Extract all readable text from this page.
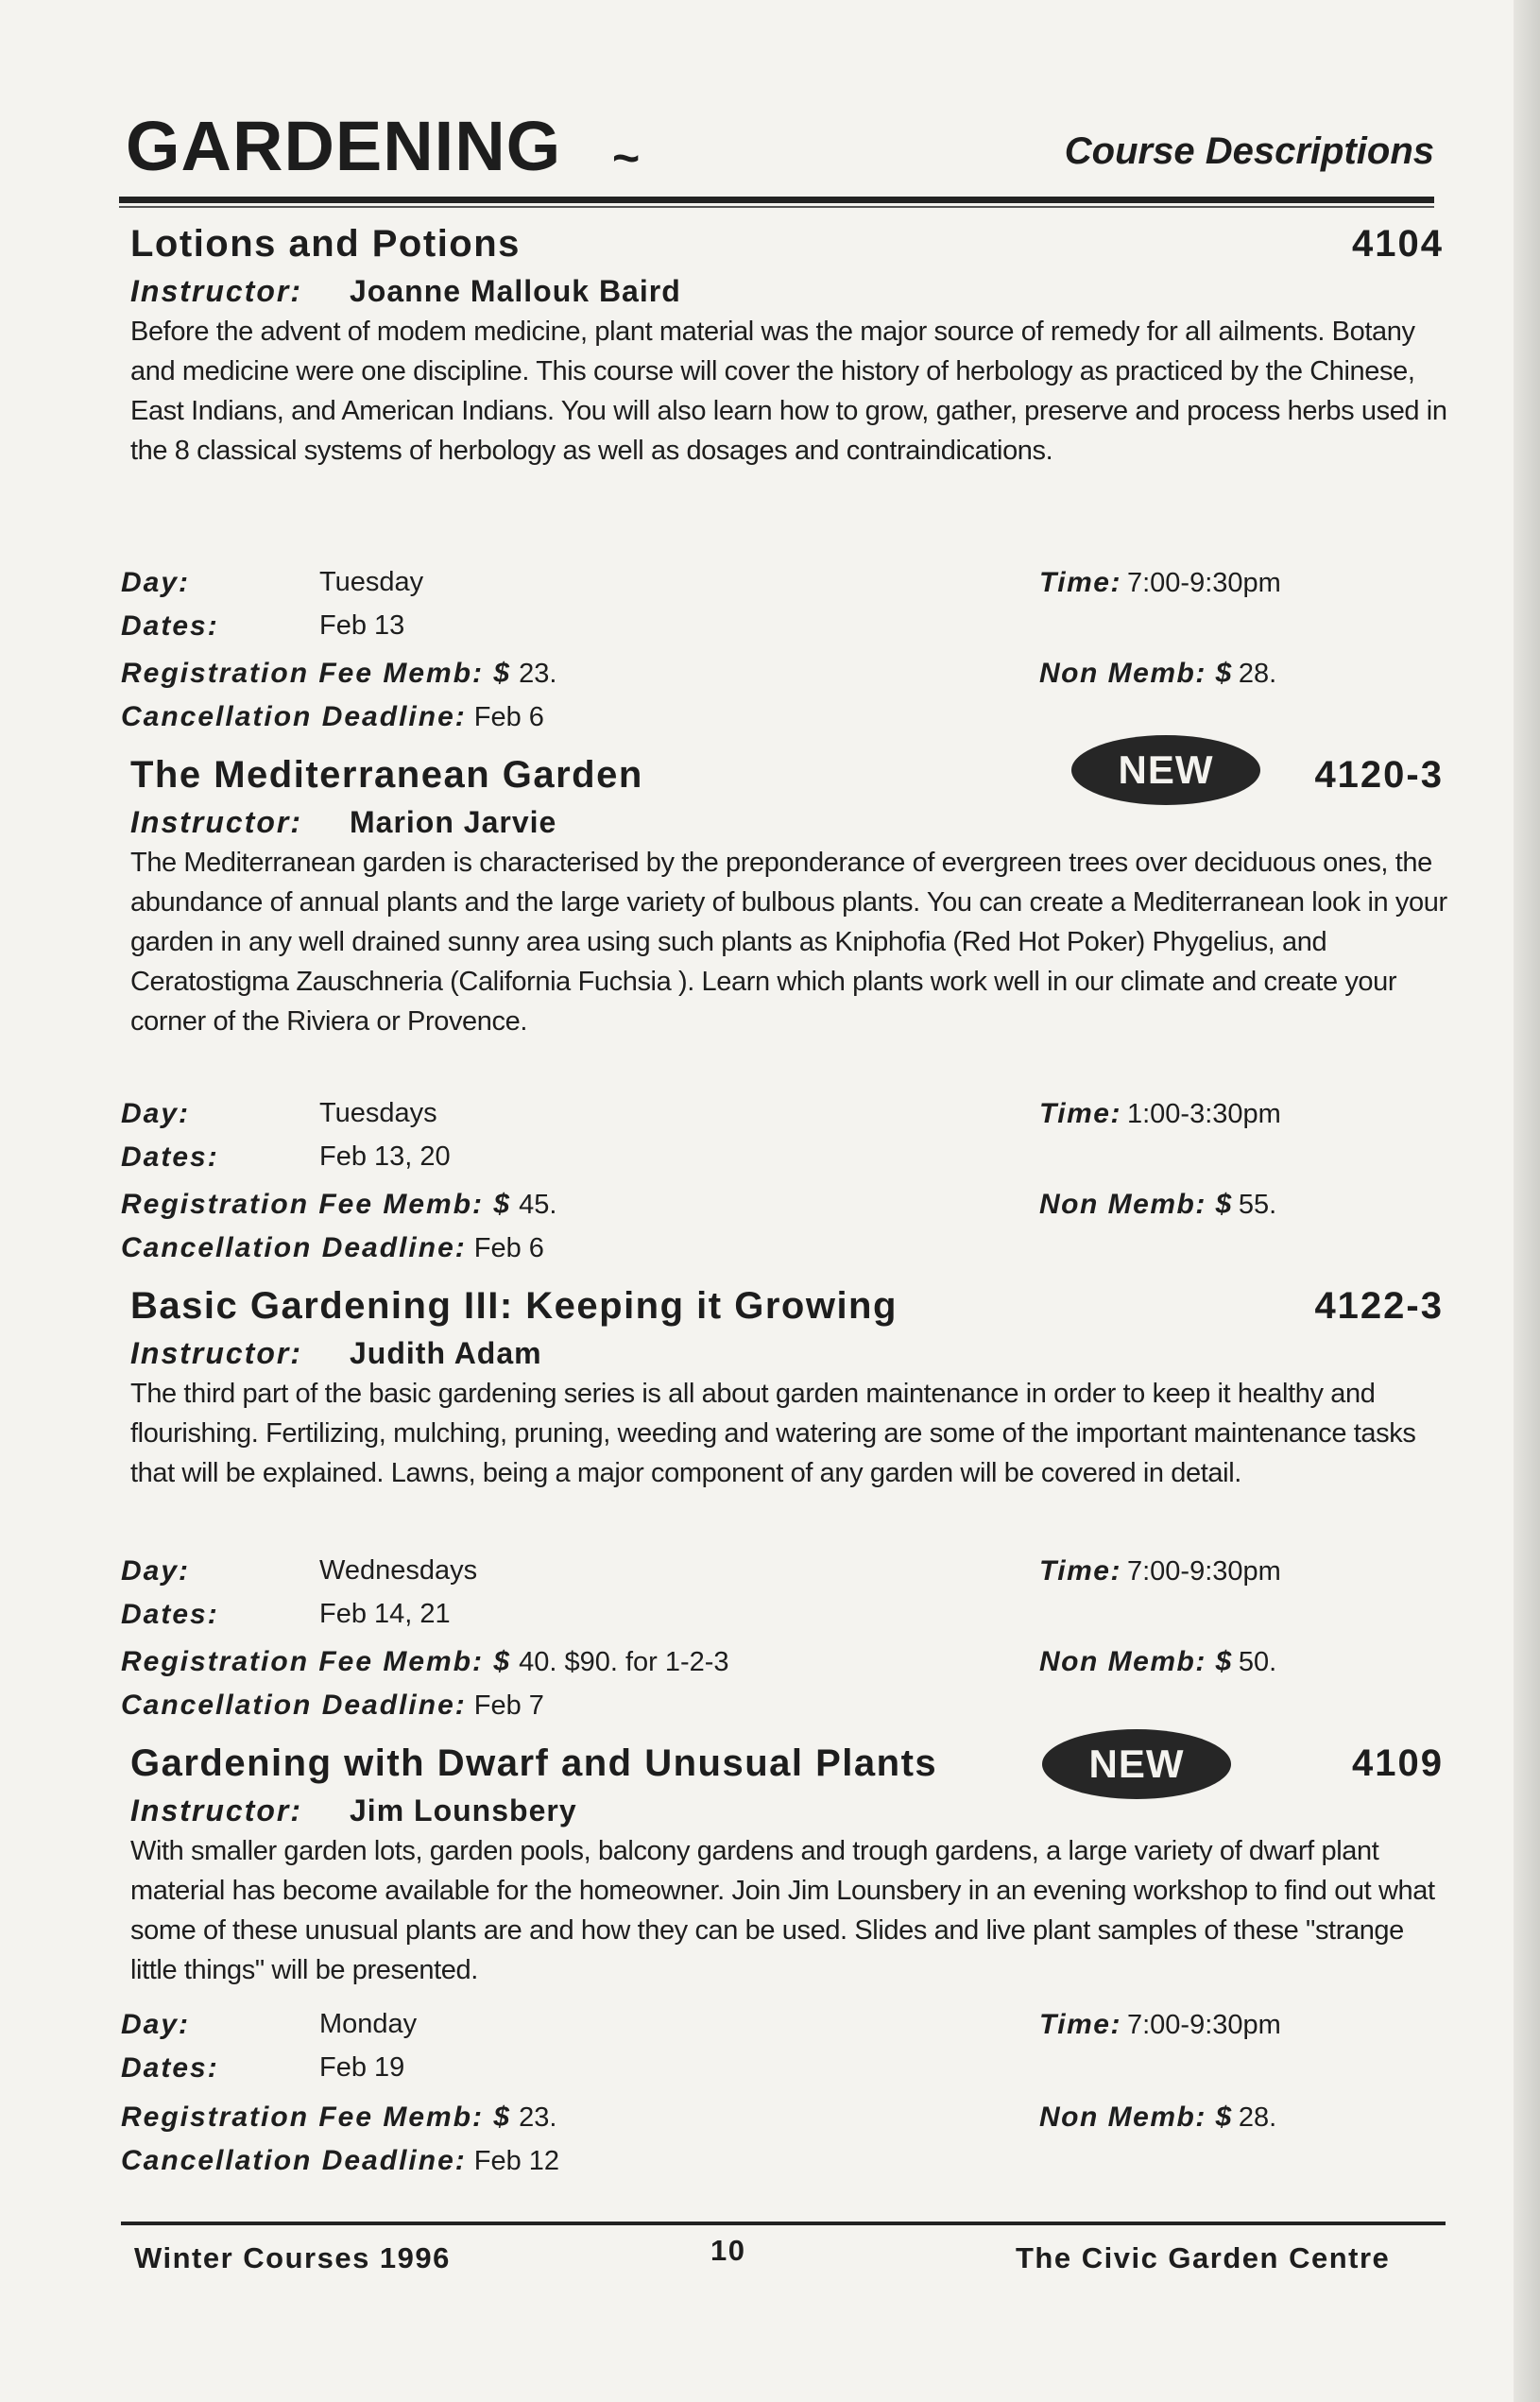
GARDENING ~	Course Descriptions
Lotions and Potions	4104
Instructor: Joanne Mallouk Baird
Before the advent of modem medicine, plant material was the major source of remedy for all ailments. Botany and medicine were one discipline. This course will cover the history of herbology as practiced by the Chinese, East Indians, and American Indians. You will also learn how to grow, gather, preserve and process herbs used in the 8 classical systems of herbology as well as dosages and contraindications.
Day:	Tuesday
Dates:	Feb 13
Registration Fee Memb: $ 23.
Cancellation Deadline: Feb 6
Time: 7:00-9:30pm
Non Memb: $ 28.
The Mediterranean Garden	NEW	4120-3
Instructor: Marion Jarvie
The Mediterranean garden is characterised by the preponderance of evergreen trees over deciduous ones, the abundance of annual plants and the large variety of bulbous plants. You can create a Mediterranean look in your garden in any well drained sunny area using such plants as Kniphofia (Red Hot Poker) Phygelius, and Ceratostigma Zauschneria (California Fuchsia ). Learn which plants work well in our climate and create your corner of the Riviera or Provence.
Day:	Tuesdays
Dates:	Feb 13, 20
Registration Fee Memb: $ 45.
Cancellation Deadline: Feb 6
Time: 1:00-3:30pm
Non Memb: $ 55.
Basic Gardening III: Keeping it Growing	4122-3
Instructor: Judith Adam
The third part of the basic gardening series is all about garden maintenance in order to keep it healthy and flourishing. Fertilizing, mulching, pruning, weeding and watering are some of the important maintenance tasks that will be explained. Lawns, being a major component of any garden will be covered in detail.
Day:	Wednesdays
Dates:	Feb 14, 21
Registration Fee Memb: $ 40. $90. for 1-2-3
Cancellation Deadline: Feb 7
Time: 7:00-9:30pm
Non Memb: $ 50.
Gardening with Dwarf and Unusual Plants	NEW	4109
Instructor: Jim Lounsbery
With smaller garden lots, garden pools, balcony gardens and trough gardens, a large variety of dwarf plant material has become available for the homeowner. Join Jim Lounsbery in an evening workshop to find out what some of these unusual plants are and how they can be used. Slides and live plant samples of these "strange little things" will be presented.
Day:	Monday
Dates:	Feb 19
Registration Fee Memb: $ 23.
Cancellation Deadline: Feb 12
Time: 7:00-9:30pm
Non Memb: $ 28.
Winter Courses 1996	10	The Civic Garden Centre
